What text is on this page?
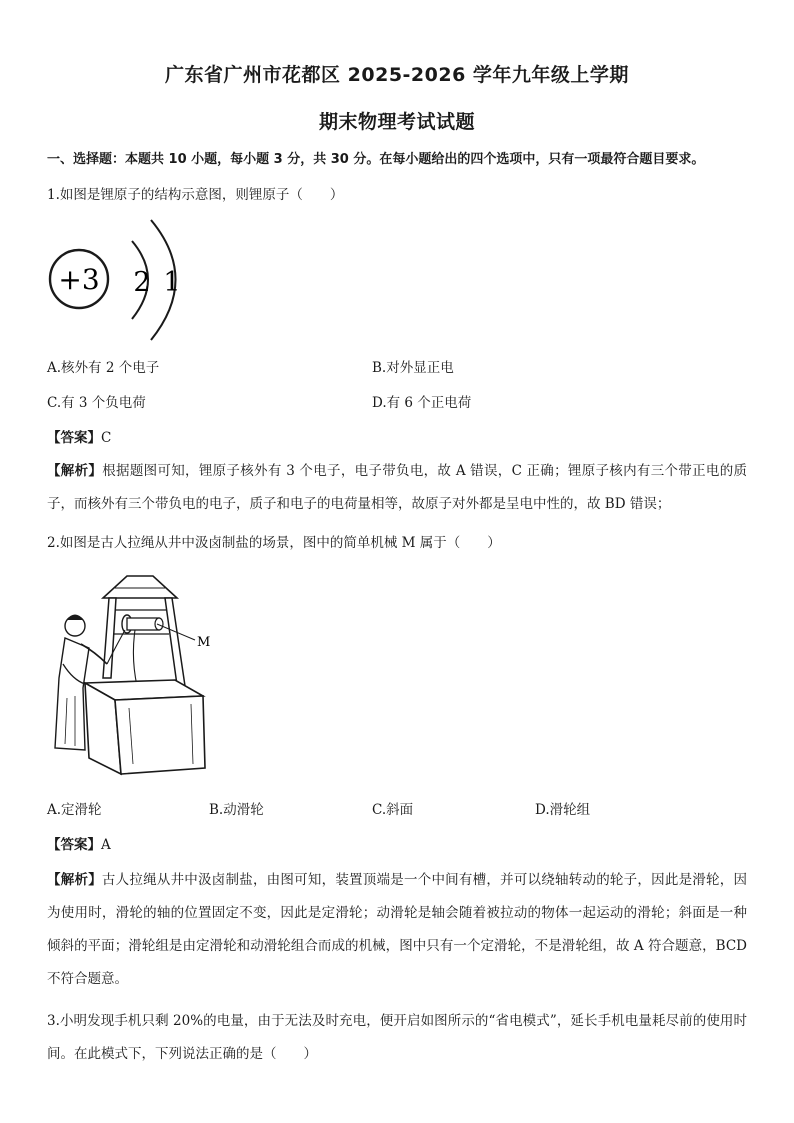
广东省广州市花都区 2025-2026 学年九年级上学期
期末物理考试试题
一、选择题：本题共 10 小题，每小题 3 分，共 30 分。在每小题给出的四个选项中，只有一项最符合题目要求。
1.如图是锂原子的结构示意图，则锂原子（　　）
+3 2 1
A.核外有 2 个电子	B.对外显正电
C.有 3 个负电荷	D.有 6 个正电荷
【答案】C
【解析】根据题图可知，锂原子核外有 3 个电子，电子带负电，故 A 错误，C 正确；锂原子核内有三个带正电的质子，而核外有三个带负电的电子，质子和电子的电荷量相等，故原子对外都是呈电中性的，故 BD 错误；
2.如图是古人拉绳从井中汲卤制盐的场景，图中的简单机械 M 属于（　　）
M
A.定滑轮	B.动滑轮	C.斜面	D.滑轮组
【答案】A
【解析】古人拉绳从井中汲卤制盐，由图可知，装置顶端是一个中间有槽，并可以绕轴转动的轮子，因此是滑轮，因为使用时，滑轮的轴的位置固定不变，因此是定滑轮；动滑轮是轴会随着被拉动的物体一起运动的滑轮；斜面是一种倾斜的平面；滑轮组是由定滑轮和动滑轮组合而成的机械，图中只有一个定滑轮，不是滑轮组，故 A 符合题意，BCD 不符合题意。
3.小明发现手机只剩 20%的电量，由于无法及时充电，便开启如图所示的“省电模式”，延长手机电量耗尽前的使用时间。在此模式下，下列说法正确的是（　　）
